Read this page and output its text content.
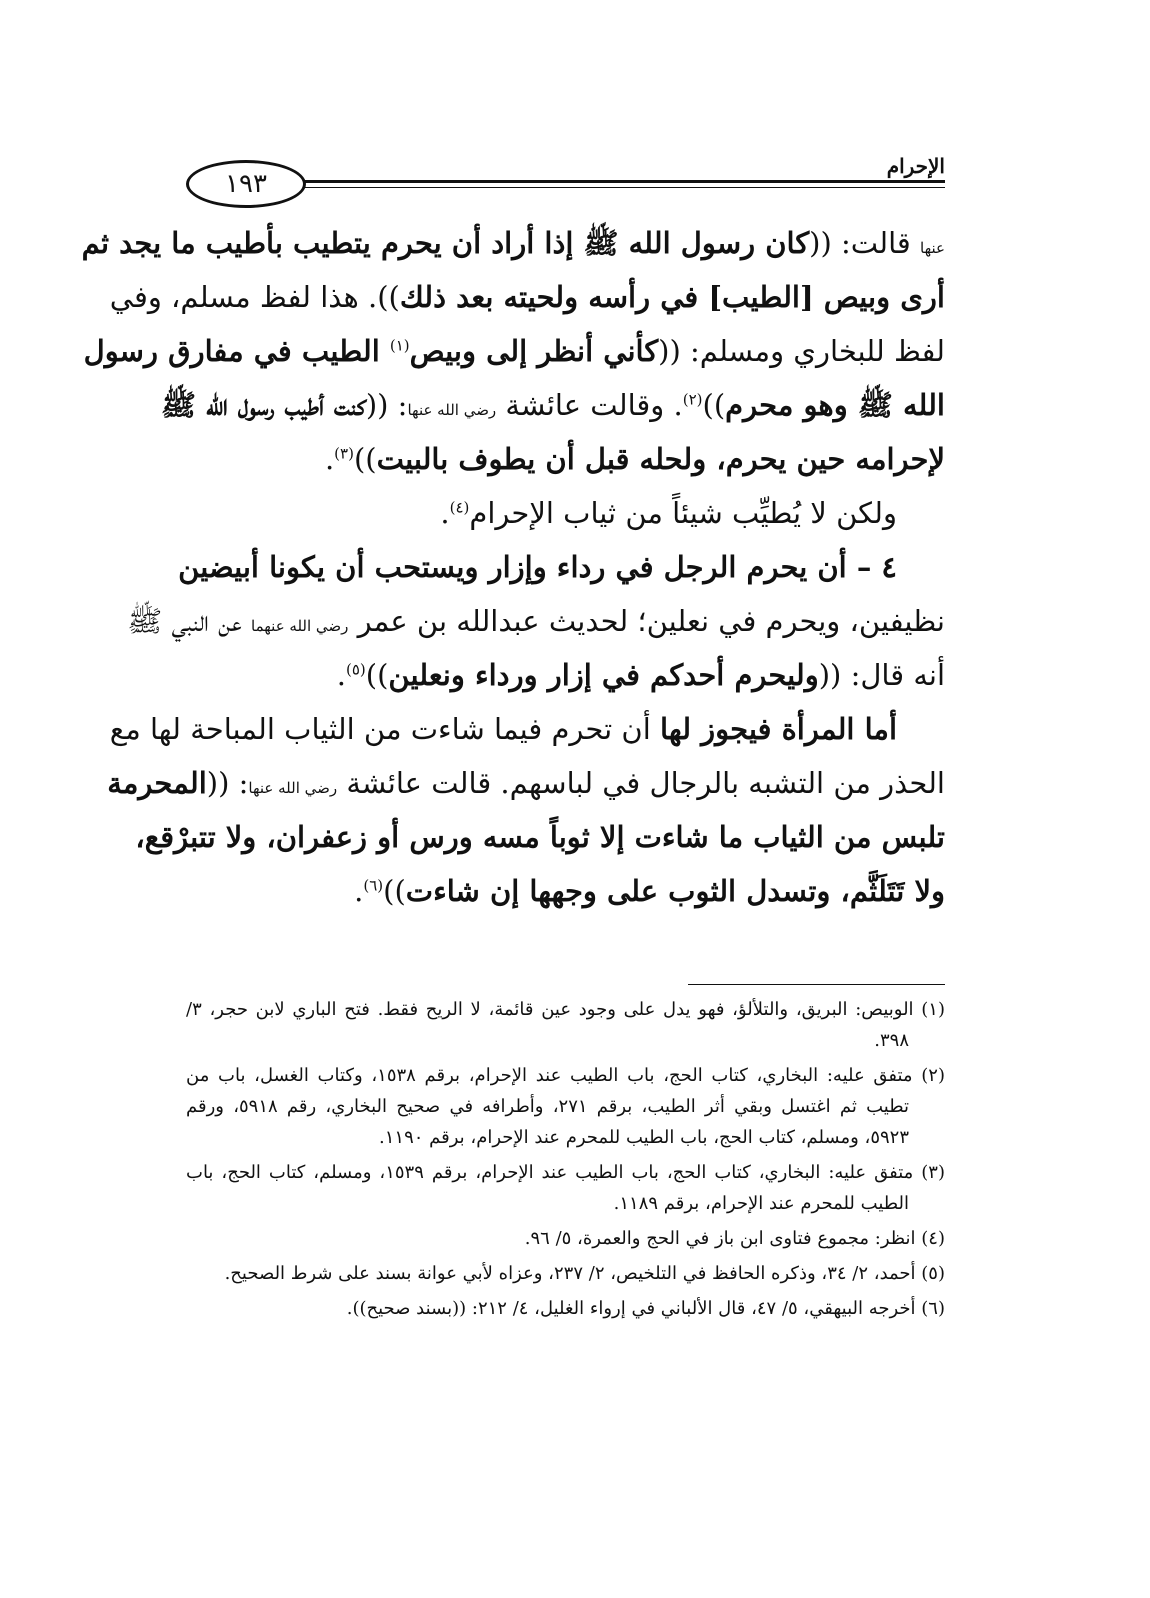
١٩٣
الإحرام
عنها قالت: ((كان رسول الله ﷺ إذا أراد أن يحرم يتطيب بأطيب ما يجد ثم
أرى وبيص [الطيب] في رأسه ولحيته بعد ذلك)). هذا لفظ مسلم، وفي
لفظ للبخاري ومسلم: ((كأني أنظر إلى وبيص$^{(١)}$ الطيب في مفارق رسول
الله ﷺ وهو محرم))$^{(٢)}$. وقالت عائشة رضي الله عنها: ((كنت أطيب رسول الله ﷺ
لإحرامه حين يحرم، ولحله قبل أن يطوف بالبيت))$^{(٣)}$.
ولكن لا يُطيِّب شيئاً من ثياب الإحرام$^{(٤)}$.
٤ – أن يحرم الرجل في رداء وإزار ويستحب أن يكونا أبيضين
نظيفين، ويحرم في نعلين؛ لحديث عبدالله بن عمر رضي الله عنهما عن النبي ﷺ
أنه قال: ((وليحرم أحدكم في إزار ورداء ونعلين))$^{(٥)}$.
أما المرأة فيجوز لها أن تحرم فيما شاءت من الثياب المباحة لها مع
الحذر من التشبه بالرجال في لباسهم. قالت عائشة رضي الله عنها: ((المحرمة
تلبس من الثياب ما شاءت إلا ثوباً مسه ورس أو زعفران، ولا تتبرْقع،
ولا تَتَلَثَّم، وتسدل الثوب على وجهها إن شاءت))$^{(٦)}$.
(١) الوبيص: البريق، والتلألؤ، فهو يدل على وجود عين قائمة، لا الريح فقط. فتح الباري لابن حجر، ٣/ ٣٩٨.
(٢) متفق عليه: البخاري، كتاب الحج، باب الطيب عند الإحرام، برقم ١٥٣٨، وكتاب الغسل، باب من تطيب ثم اغتسل وبقي أثر الطيب، برقم ٢٧١، وأطرافه في صحيح البخاري، رقم ٥٩١٨، ورقم ٥٩٢٣، ومسلم، كتاب الحج، باب الطيب للمحرم عند الإحرام، برقم ١١٩٠.
(٣) متفق عليه: البخاري، كتاب الحج، باب الطيب عند الإحرام، برقم ١٥٣٩، ومسلم، كتاب الحج، باب الطيب للمحرم عند الإحرام، برقم ١١٨٩.
(٤) انظر: مجموع فتاوى ابن باز في الحج والعمرة، ٥/ ٩٦.
(٥) أحمد، ٢/ ٣٤، وذكره الحافظ في التلخيص، ٢/ ٢٣٧، وعزاه لأبي عوانة بسند على شرط الصحيح.
(٦) أخرجه البيهقي، ٥/ ٤٧، قال الألباني في إرواء الغليل، ٤/ ٢١٢: ((بسند صحيح)).
